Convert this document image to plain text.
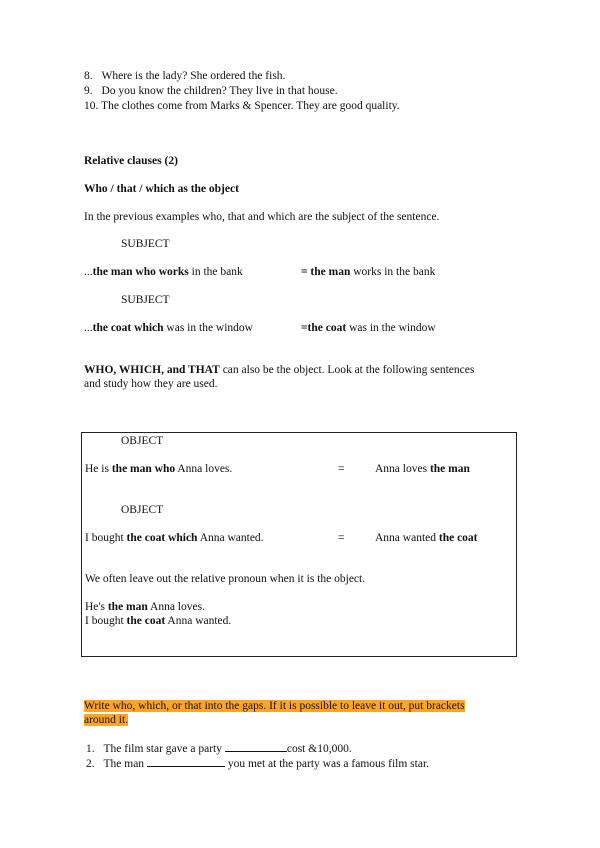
8. Where is the lady? She ordered the fish.
9. Do you know the children? They live in that house.
10. The clothes come from Marks & Spencer. They are good quality.
Relative clauses (2)
Who / that / which as the object
In the previous examples who, that and which are the subject of the sentence.
SUBJECT
...the man who works in the bank	= the man works in the bank
SUBJECT
...the coat which was in the window	=the coat was in the window
WHO, WHICH, and THAT can also be the object. Look at the following sentences
and study how they are used.
OBJECT
He is the man who Anna loves.	=	Anna loves the man
OBJECT
I bought the coat which Anna wanted.	=	Anna wanted the coat
We often leave out the relative pronoun when it is the object.
He's the man Anna loves.
I bought the coat Anna wanted.
Write who, which, or that into the gaps. If it is possible to leave it out, put brackets
around it.
1. The film star gave a party	cost &10,000.
2. The man	you met at the party was a famous film star.
